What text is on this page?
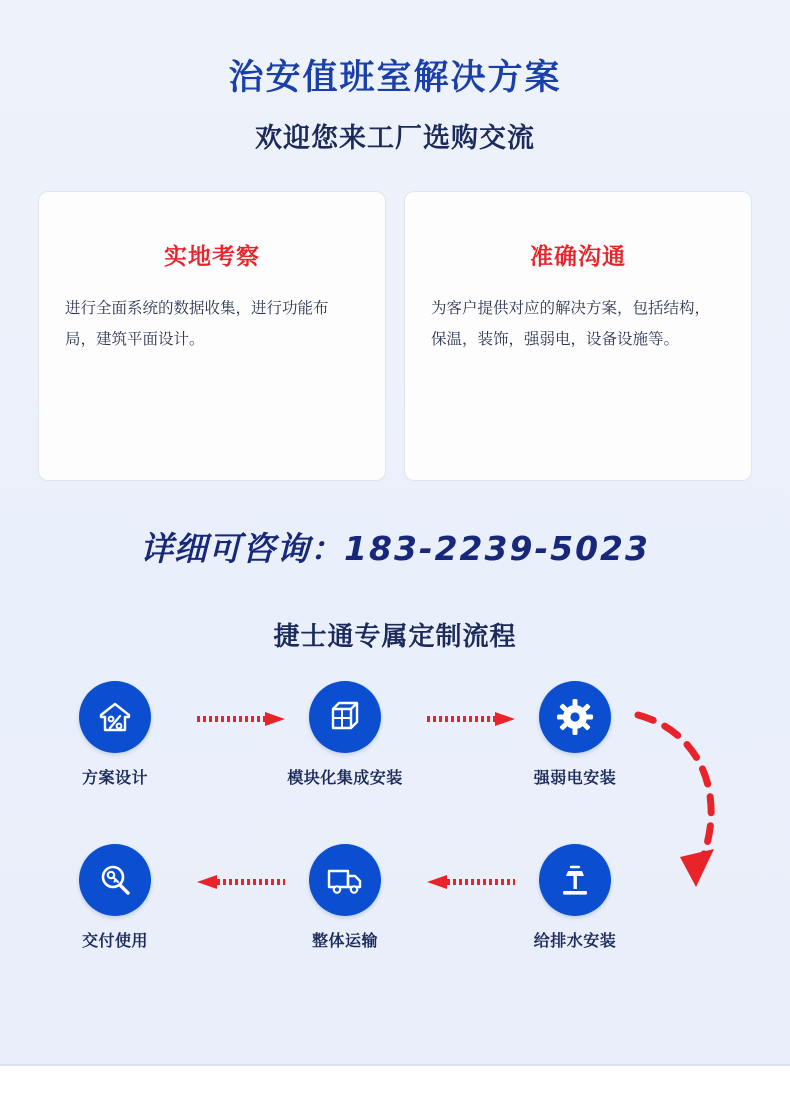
治安值班室解决方案
欢迎您来工厂选购交流
实地考察
进行全面系统的数据收集，进行功能布局，建筑平面设计。
准确沟通
为客户提供对应的解决方案，包括结构，保温，装饰，强弱电，设备设施等。
详细可咨询：183-2239-5023
捷士通专属定制流程
方案设计	模块化集成安装	强弱电安装
给排水安装
整体运输
交付使用
